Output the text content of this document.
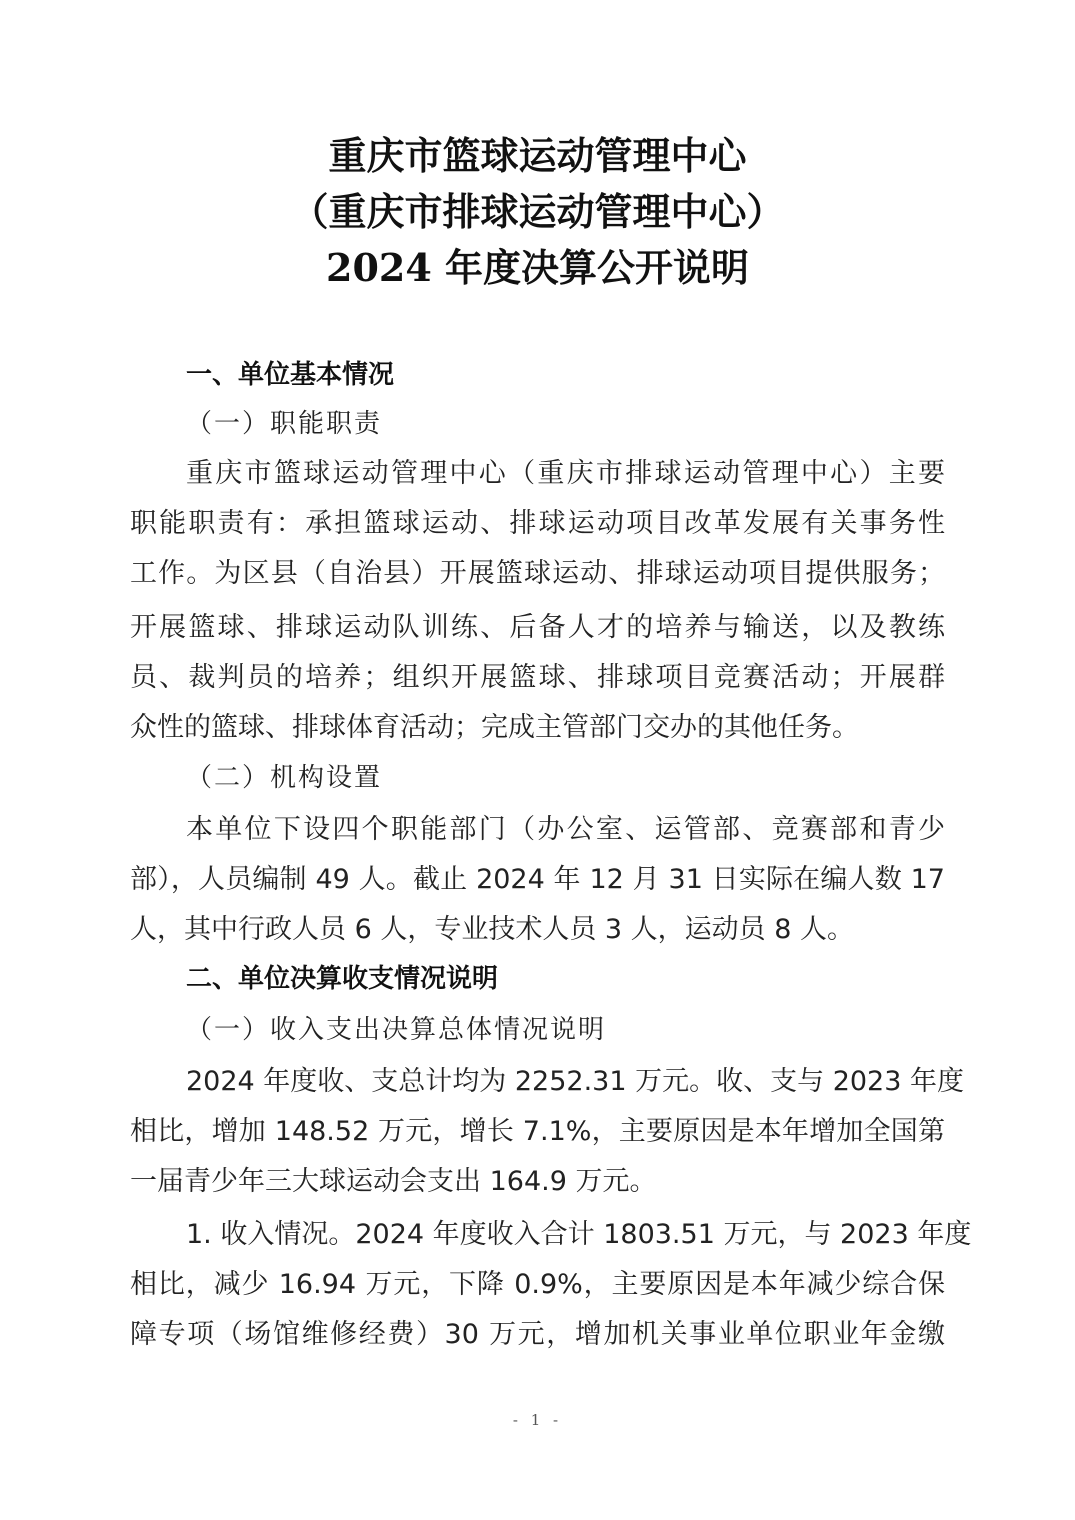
重庆市篮球运动管理中心
（重庆市排球运动管理中心）
2024 年度决算公开说明
一、单位基本情况
（一）职能职责
重庆市篮球运动管理中心（重庆市排球运动管理中心）主要
职能职责有：承担篮球运动、排球运动项目改革发展有关事务性
工作。为区县（自治县）开展篮球运动、排球运动项目提供服务；
开展篮球、排球运动队训练、后备人才的培养与输送，以及教练
员、裁判员的培养；组织开展篮球、排球项目竞赛活动；开展群
众性的篮球、排球体育活动；完成主管部门交办的其他任务。
（二）机构设置
本单位下设四个职能部门（办公室、运管部、竞赛部和青少
部），人员编制 49 人。截止 2024 年 12 月 31 日实际在编人数 17
人，其中行政人员 6 人，专业技术人员 3 人，运动员 8 人。
二、单位决算收支情况说明
（一）收入支出决算总体情况说明
2024 年度收、支总计均为 2252.31 万元。收、支与 2023 年度
相比，增加 148.52 万元，增长 7.1%，主要原因是本年增加全国第
一届青少年三大球运动会支出 164.9 万元。
1. 收入情况。2024 年度收入合计 1803.51 万元，与 2023 年度
相比，减少 16.94 万元，下降 0.9%，主要原因是本年减少综合保
障专项（场馆维修经费）30 万元，增加机关事业单位职业年金缴
- 1 -
